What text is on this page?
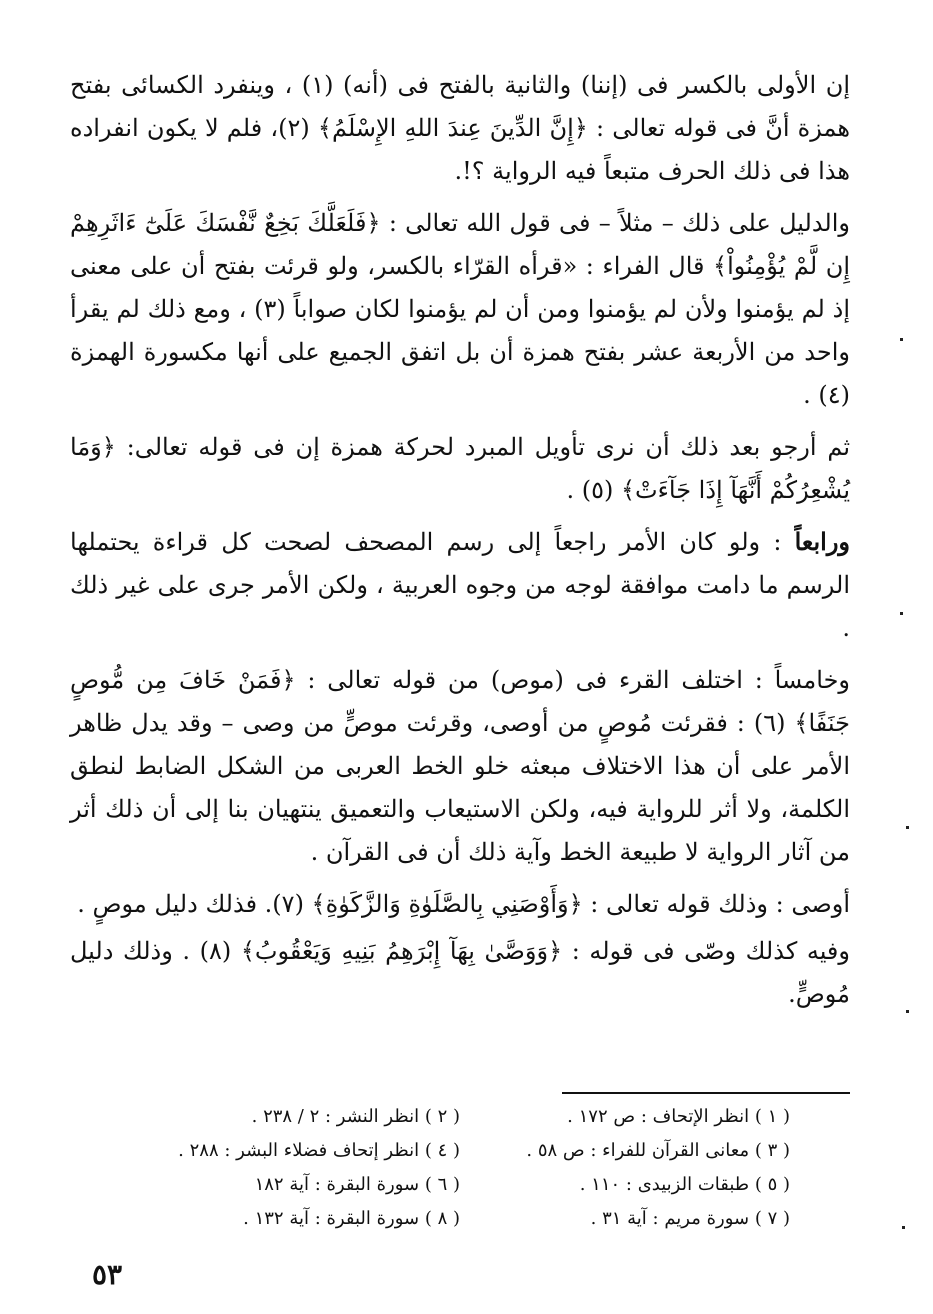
إن الأولى بالكسر فى (إننا) والثانية بالفتح فى (أنه) (١) ، وينفرد الكسائى بفتح همزة أنَّ فى قوله تعالى : ﴿إِنَّ الدِّينَ عِندَ اللهِ الإِسْلَمُ﴾ (٢)، فلم لا يكون انفراده هذا فى ذلك الحرف متبعاً فيه الرواية ؟!.

والدليل على ذلك – مثلاً – فى قول الله تعالى : ﴿فَلَعَلَّكَ بَخِعٌ نَّفْسَكَ عَلَىٰٓ ءَاثَرِهِمْ إِن لَّمْ يُؤْمِنُواْ﴾ قال الفراء : «قرأه القرّاء بالكسر، ولو قرئت بفتح أن على معنى إذ لم يؤمنوا ولأن لم يؤمنوا ومن أن لم يؤمنوا لكان صواباً (٣) ، ومع ذلك لم يقرأ واحد من الأربعة عشر بفتح همزة أن بل اتفق الجميع على أنها مكسورة الهمزة (٤) .

ثم أرجو بعد ذلك أن نرى تأويل المبرد لحركة همزة إن فى قوله تعالى: ﴿وَمَا يُشْعِرُكُمْ أَنَّهَآ إِذَا جَآءَتْ﴾ (٥) .

ورابعاً : ولو كان الأمر راجعاً إلى رسم المصحف لصحت كل قراءة يحتملها الرسم ما دامت موافقة لوجه من وجوه العربية ، ولكن الأمر جرى على غير ذلك .

وخامساً : اختلف القرء فى (موص) من قوله تعالى : ﴿فَمَنْ خَافَ مِن مُّوصٍ جَنَفًا﴾ (٦) : فقرئت مُوصٍ من أوصى، وقرئت موصٍّ من وصى – وقد يدل ظاهر الأمر على أن هذا الاختلاف مبعثه خلو الخط العربى من الشكل الضابط لنطق الكلمة، ولا أثر للرواية فيه، ولكن الاستيعاب والتعميق ينتهيان بنا إلى أن ذلك أثر من آثار الرواية لا طبيعة الخط وآية ذلك أن فى القرآن .

أوصى : وذلك قوله تعالى : ﴿وَأَوْصَنِي بِالصَّلَوٰةِ وَالزَّكَوٰةِ﴾ (٧). فذلك دليل موصٍ .

وفيه كذلك وصّى فى قوله : ﴿وَوَصَّىٰ بِهَآ إِبْرَهِمُ بَنِيهِ وَيَعْقُوبُ﴾ (٨) . وذلك دليل مُوصٍّ.

( ١ ) انظر الإتحاف : ص ١٧٢ .
( ٢ ) انظر النشر : ٢ / ٢٣٨ .
( ٣ ) معانى القرآن للفراء : ص ٥٨ .
( ٤ ) انظر إتحاف فضلاء البشر : ٢٨٨ .
( ٥ ) طبقات الزبيدى : ١١٠ .
( ٦ ) سورة البقرة : آية ١٨٢
( ٧ ) سورة مريم : آية ٣١ .
( ٨ ) سورة البقرة : آية ١٣٢ .
٥٣
